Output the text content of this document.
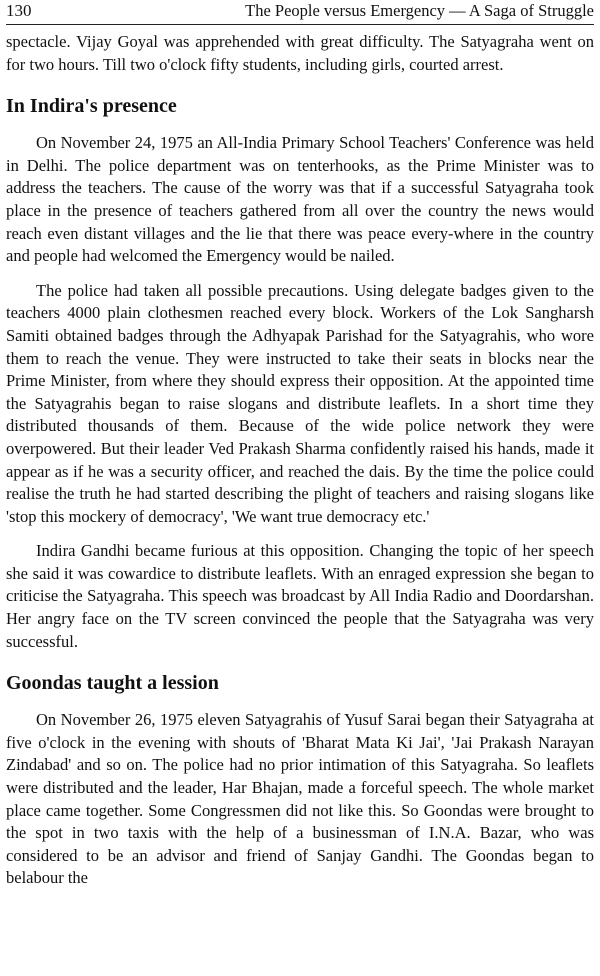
130	The People versus Emergency — A Saga of Struggle

spectacle. Vijay Goyal was apprehended with great difficulty. The Satyagraha went on for two hours. Till two o'clock fifty students, including girls, courted arrest.

In Indira's presence

On November 24, 1975 an All-India Primary School Teachers' Conference was held in Delhi. The police department was on tenterhooks, as the Prime Minister was to address the teachers. The cause of the worry was that if a successful Satyagraha took place in the presence of teachers gathered from all over the country the news would reach even distant villages and the lie that there was peace every-where in the country and people had welcomed the Emergency would be nailed.

The police had taken all possible precautions. Using delegate badges given to the teachers 4000 plain clothesmen reached every block. Workers of the Lok Sangharsh Samiti obtained badges through the Adhyapak Parishad for the Satyagrahis, who wore them to reach the venue. They were instructed to take their seats in blocks near the Prime Minister, from where they should express their opposition. At the appointed time the Satyagrahis began to raise slogans and distribute leaflets. In a short time they distributed thousands of them. Because of the wide police network they were overpowered. But their leader Ved Prakash Sharma confidently raised his hands, made it appear as if he was a security officer, and reached the dais. By the time the police could realise the truth he had started describing the plight of teachers and raising slogans like 'stop this mockery of democracy', 'We want true democracy etc.'

Indira Gandhi became furious at this opposition. Changing the topic of her speech she said it was cowardice to distribute leaflets. With an enraged expression she began to criticise the Satyagraha. This speech was broadcast by All India Radio and Doordarshan. Her angry face on the TV screen convinced the people that the Satyagraha was very successful.

Goondas taught a lession

On November 26, 1975 eleven Satyagrahis of Yusuf Sarai began their Satyagraha at five o'clock in the evening with shouts of 'Bharat Mata Ki Jai', 'Jai Prakash Narayan Zindabad' and so on. The police had no prior intimation of this Satyagraha. So leaflets were distributed and the leader, Har Bhajan, made a forceful speech. The whole market place came together. Some Congressmen did not like this. So Goondas were brought to the spot in two taxis with the help of a businessman of I.N.A. Bazar, who was considered to be an advisor and friend of Sanjay Gandhi. The Goondas began to belabour the
